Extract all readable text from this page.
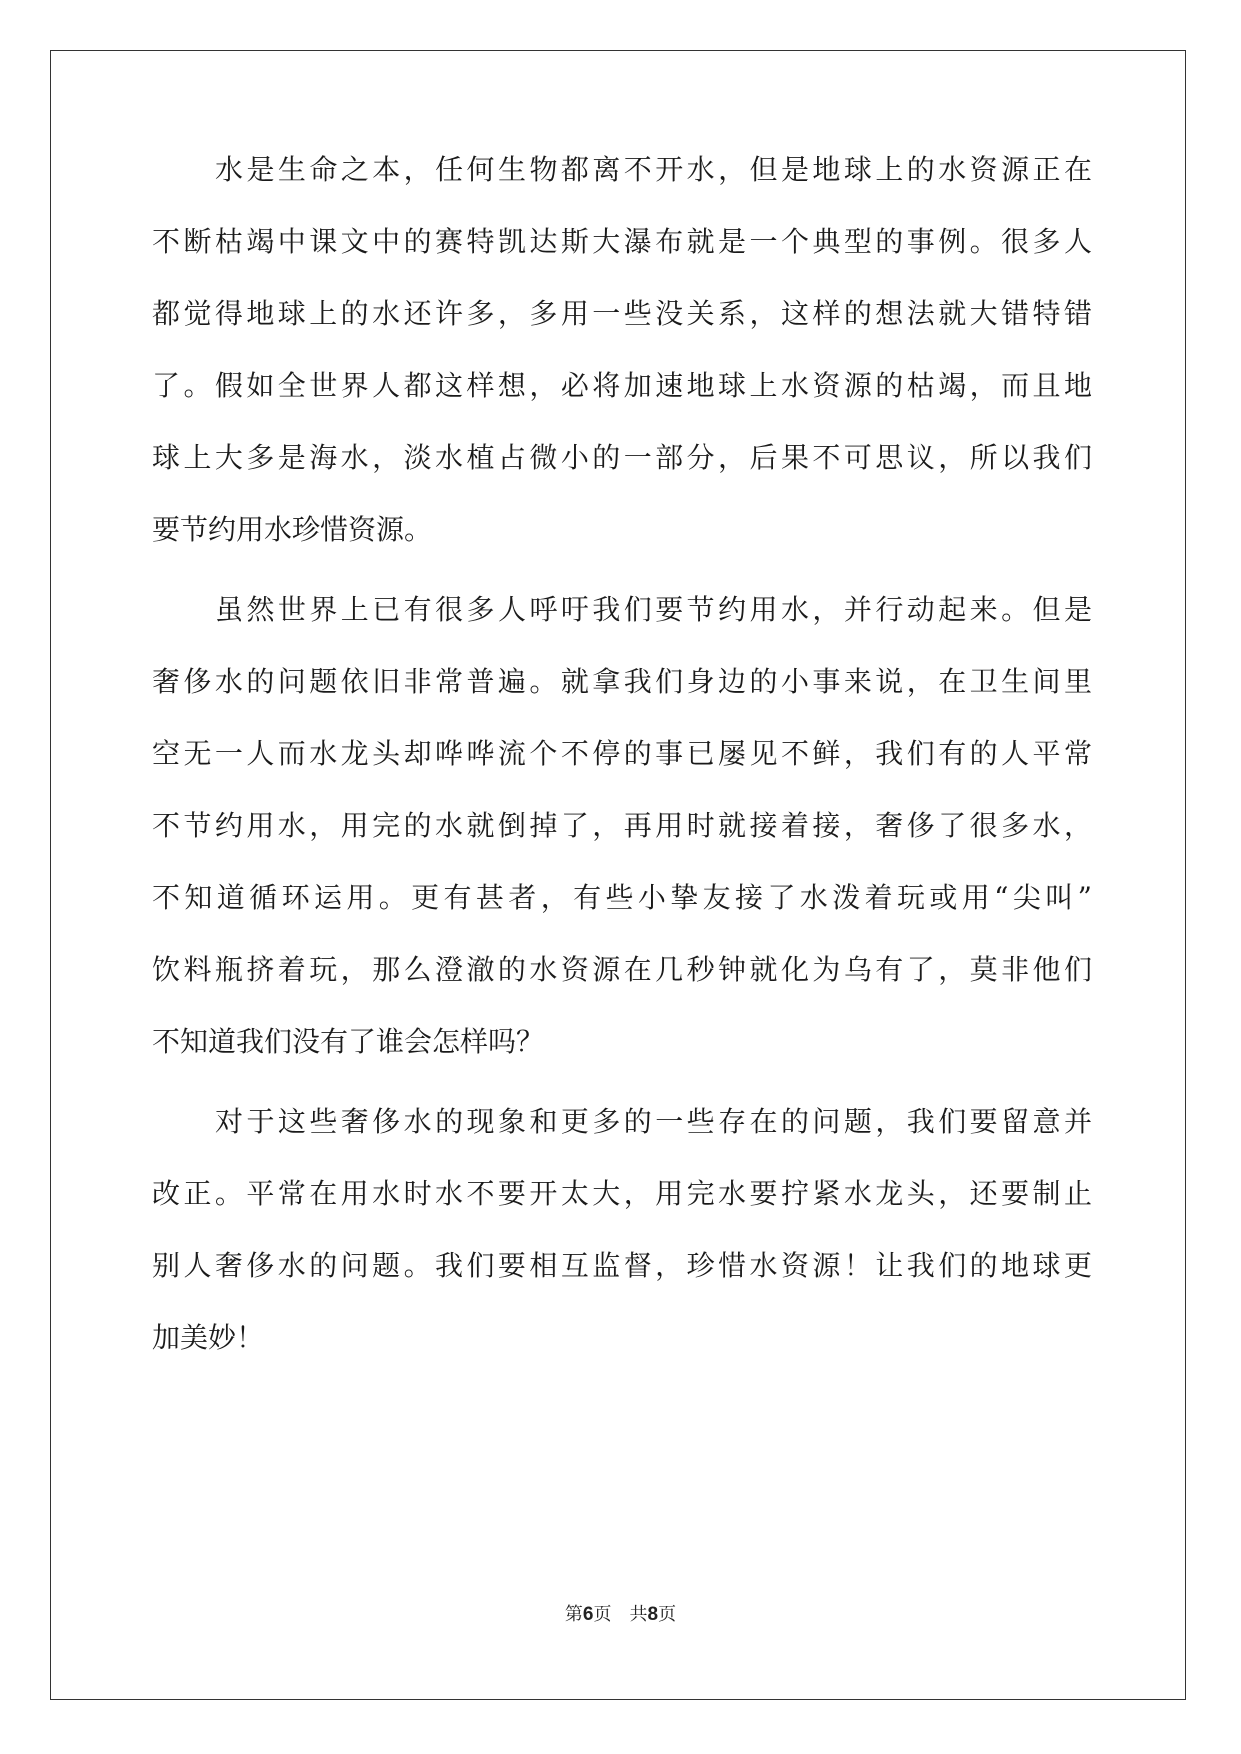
水是生命之本，任何生物都离不开水，但是地球上的水资源正在
不断枯竭中课文中的赛特凯达斯大瀑布就是一个典型的事例。很多人
都觉得地球上的水还许多，多用一些没关系，这样的想法就大错特错
了。假如全世界人都这样想，必将加速地球上水资源的枯竭，而且地
球上大多是海水，淡水植占微小的一部分，后果不可思议，所以我们
要节约用水珍惜资源。
虽然世界上已有很多人呼吁我们要节约用水，并行动起来。但是
奢侈水的问题依旧非常普遍。就拿我们身边的小事来说，在卫生间里
空无一人而水龙头却哗哗流个不停的事已屡见不鲜，我们有的人平常
不节约用水，用完的水就倒掉了，再用时就接着接，奢侈了很多水，
不知道循环运用。更有甚者，有些小挚友接了水泼着玩或用“尖叫”
饮料瓶挤着玩，那么澄澈的水资源在几秒钟就化为乌有了，莫非他们
不知道我们没有了谁会怎样吗？
对于这些奢侈水的现象和更多的一些存在的问题，我们要留意并
改正。平常在用水时水不要开太大，用完水要拧紧水龙头，还要制止
别人奢侈水的问题。我们要相互监督，珍惜水资源！让我们的地球更
加美妙！
第6页　共8页
